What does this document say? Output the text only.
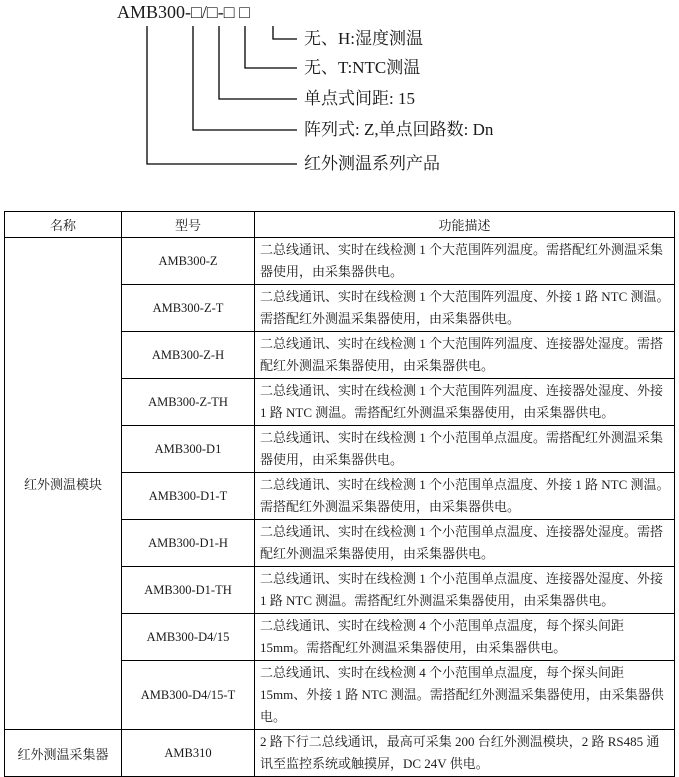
AMB300-□/□-□ □
无、H:湿度测温
无、T:NTC测温
单点式间距: 15
阵列式: Z,单点回路数: Dn
红外测温系列产品
名称	型号	功能描述
红外测温模块	AMB300-Z	二总线通讯、实时在线检测 1 个大范围阵列温度。需搭配红外测温采集器使用，由采集器供电。
	AMB300-Z-T	二总线通讯、实时在线检测 1 个大范围阵列温度、外接 1 路 NTC 测温。需搭配红外测温采集器使用，由采集器供电。
	AMB300-Z-H	二总线通讯、实时在线检测 1 个大范围阵列温度、连接器处湿度。需搭配红外测温采集器使用，由采集器供电。
	AMB300-Z-TH	二总线通讯、实时在线检测 1 个大范围阵列温度、连接器处湿度、外接 1 路 NTC 测温。需搭配红外测温采集器使用，由采集器供电。
	AMB300-D1	二总线通讯、实时在线检测 1 个小范围单点温度。需搭配红外测温采集器使用，由采集器供电。
	AMB300-D1-T	二总线通讯、实时在线检测 1 个小范围单点温度、外接 1 路 NTC 测温。需搭配红外测温采集器使用，由采集器供电。
	AMB300-D1-H	二总线通讯、实时在线检测 1 个小范围单点温度、连接器处湿度。需搭配红外测温采集器使用，由采集器供电。
	AMB300-D1-TH	二总线通讯、实时在线检测 1 个小范围单点温度、连接器处湿度、外接 1 路 NTC 测温。需搭配红外测温采集器使用，由采集器供电。
	AMB300-D4/15	二总线通讯、实时在线检测 4 个小范围单点温度，每个探头间距 15mm。需搭配红外测温采集器使用，由采集器供电。
	AMB300-D4/15-T	二总线通讯、实时在线检测 4 个小范围单点温度，每个探头间距 15mm、外接 1 路 NTC 测温。需搭配红外测温采集器使用，由采集器供电。
红外测温采集器	AMB310	2 路下行二总线通讯，最高可采集 200 台红外测温模块，2 路 RS485 通讯至监控系统或触摸屏，DC 24V 供电。
